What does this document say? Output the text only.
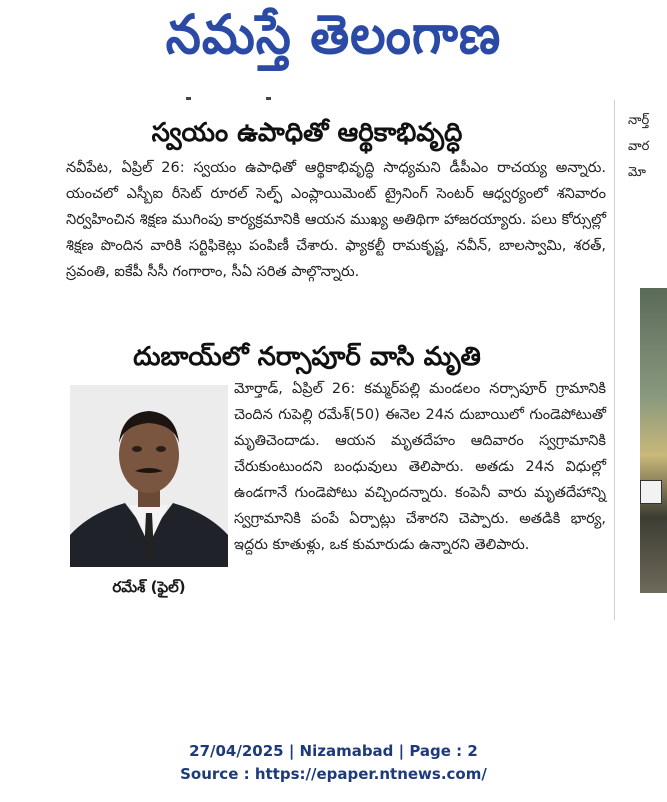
నమస్తే తెలంగాణ
స్వయం ఉపాధితో ఆర్థికాభివృద్ధి
నవీపేట, ఏప్రిల్ 26: స్వయం ఉపాధితో ఆర్థికాభివృద్ధి సాధ్యమని డీపీఎం రాచయ్య అన్నారు. యంచలో ఎస్బీఐ రీసెట్ రూరల్ సెల్ఫ్ ఎంప్లాయిమెంట్ ట్రైనింగ్ సెంటర్ ఆధ్వర్యంలో శనివారం నిర్వహించిన శిక్షణ ముగింపు కార్యక్రమానికి ఆయన ముఖ్య అతిథిగా హాజరయ్యారు. పలు కోర్సుల్లో శిక్షణ పొందిన వారికి సర్టిఫికెట్లు పంపిణీ చేశారు. ఫ్యాకల్టీ రామకృష్ణ, నవీన్, బాలస్వామి, శరత్, స్రవంతి, ఐకేపీ సీసీ గంగారాం, సీఏ సరిత పాల్గొన్నారు.
దుబాయ్‌లో నర్సాపూర్ వాసి మృతి
రమేశ్ (ఫైల్)
మోర్తాడ్, ఏప్రిల్ 26: కమ్మర్‌పల్లి మండలం నర్సాపూర్ గ్రామానికి చెందిన గుపెల్లి రమేశ్(50) ఈనెల 24న దుబాయిలో గుండెపోటుతో మృతిచెందాడు. ఆయన మృతదేహం ఆదివారం స్వగ్రామానికి చేరుకుంటుందని బంధువులు తెలిపారు. అతడు 24న విధుల్లో ఉండగానే గుండెపోటు వచ్చిందన్నారు. కంపెనీ వారు మృతదేహాన్ని స్వగ్రామానికి పంపే ఏర్పాట్లు చేశారని చెప్పారు. అతడికి భార్య, ఇద్దరు కూతుళ్లు, ఒక కుమారుడు ఉన్నారని తెలిపారు.
నార్త్
వార
మో
27/04/2025 | Nizamabad | Page : 2
Source : https://epaper.ntnews.com/
